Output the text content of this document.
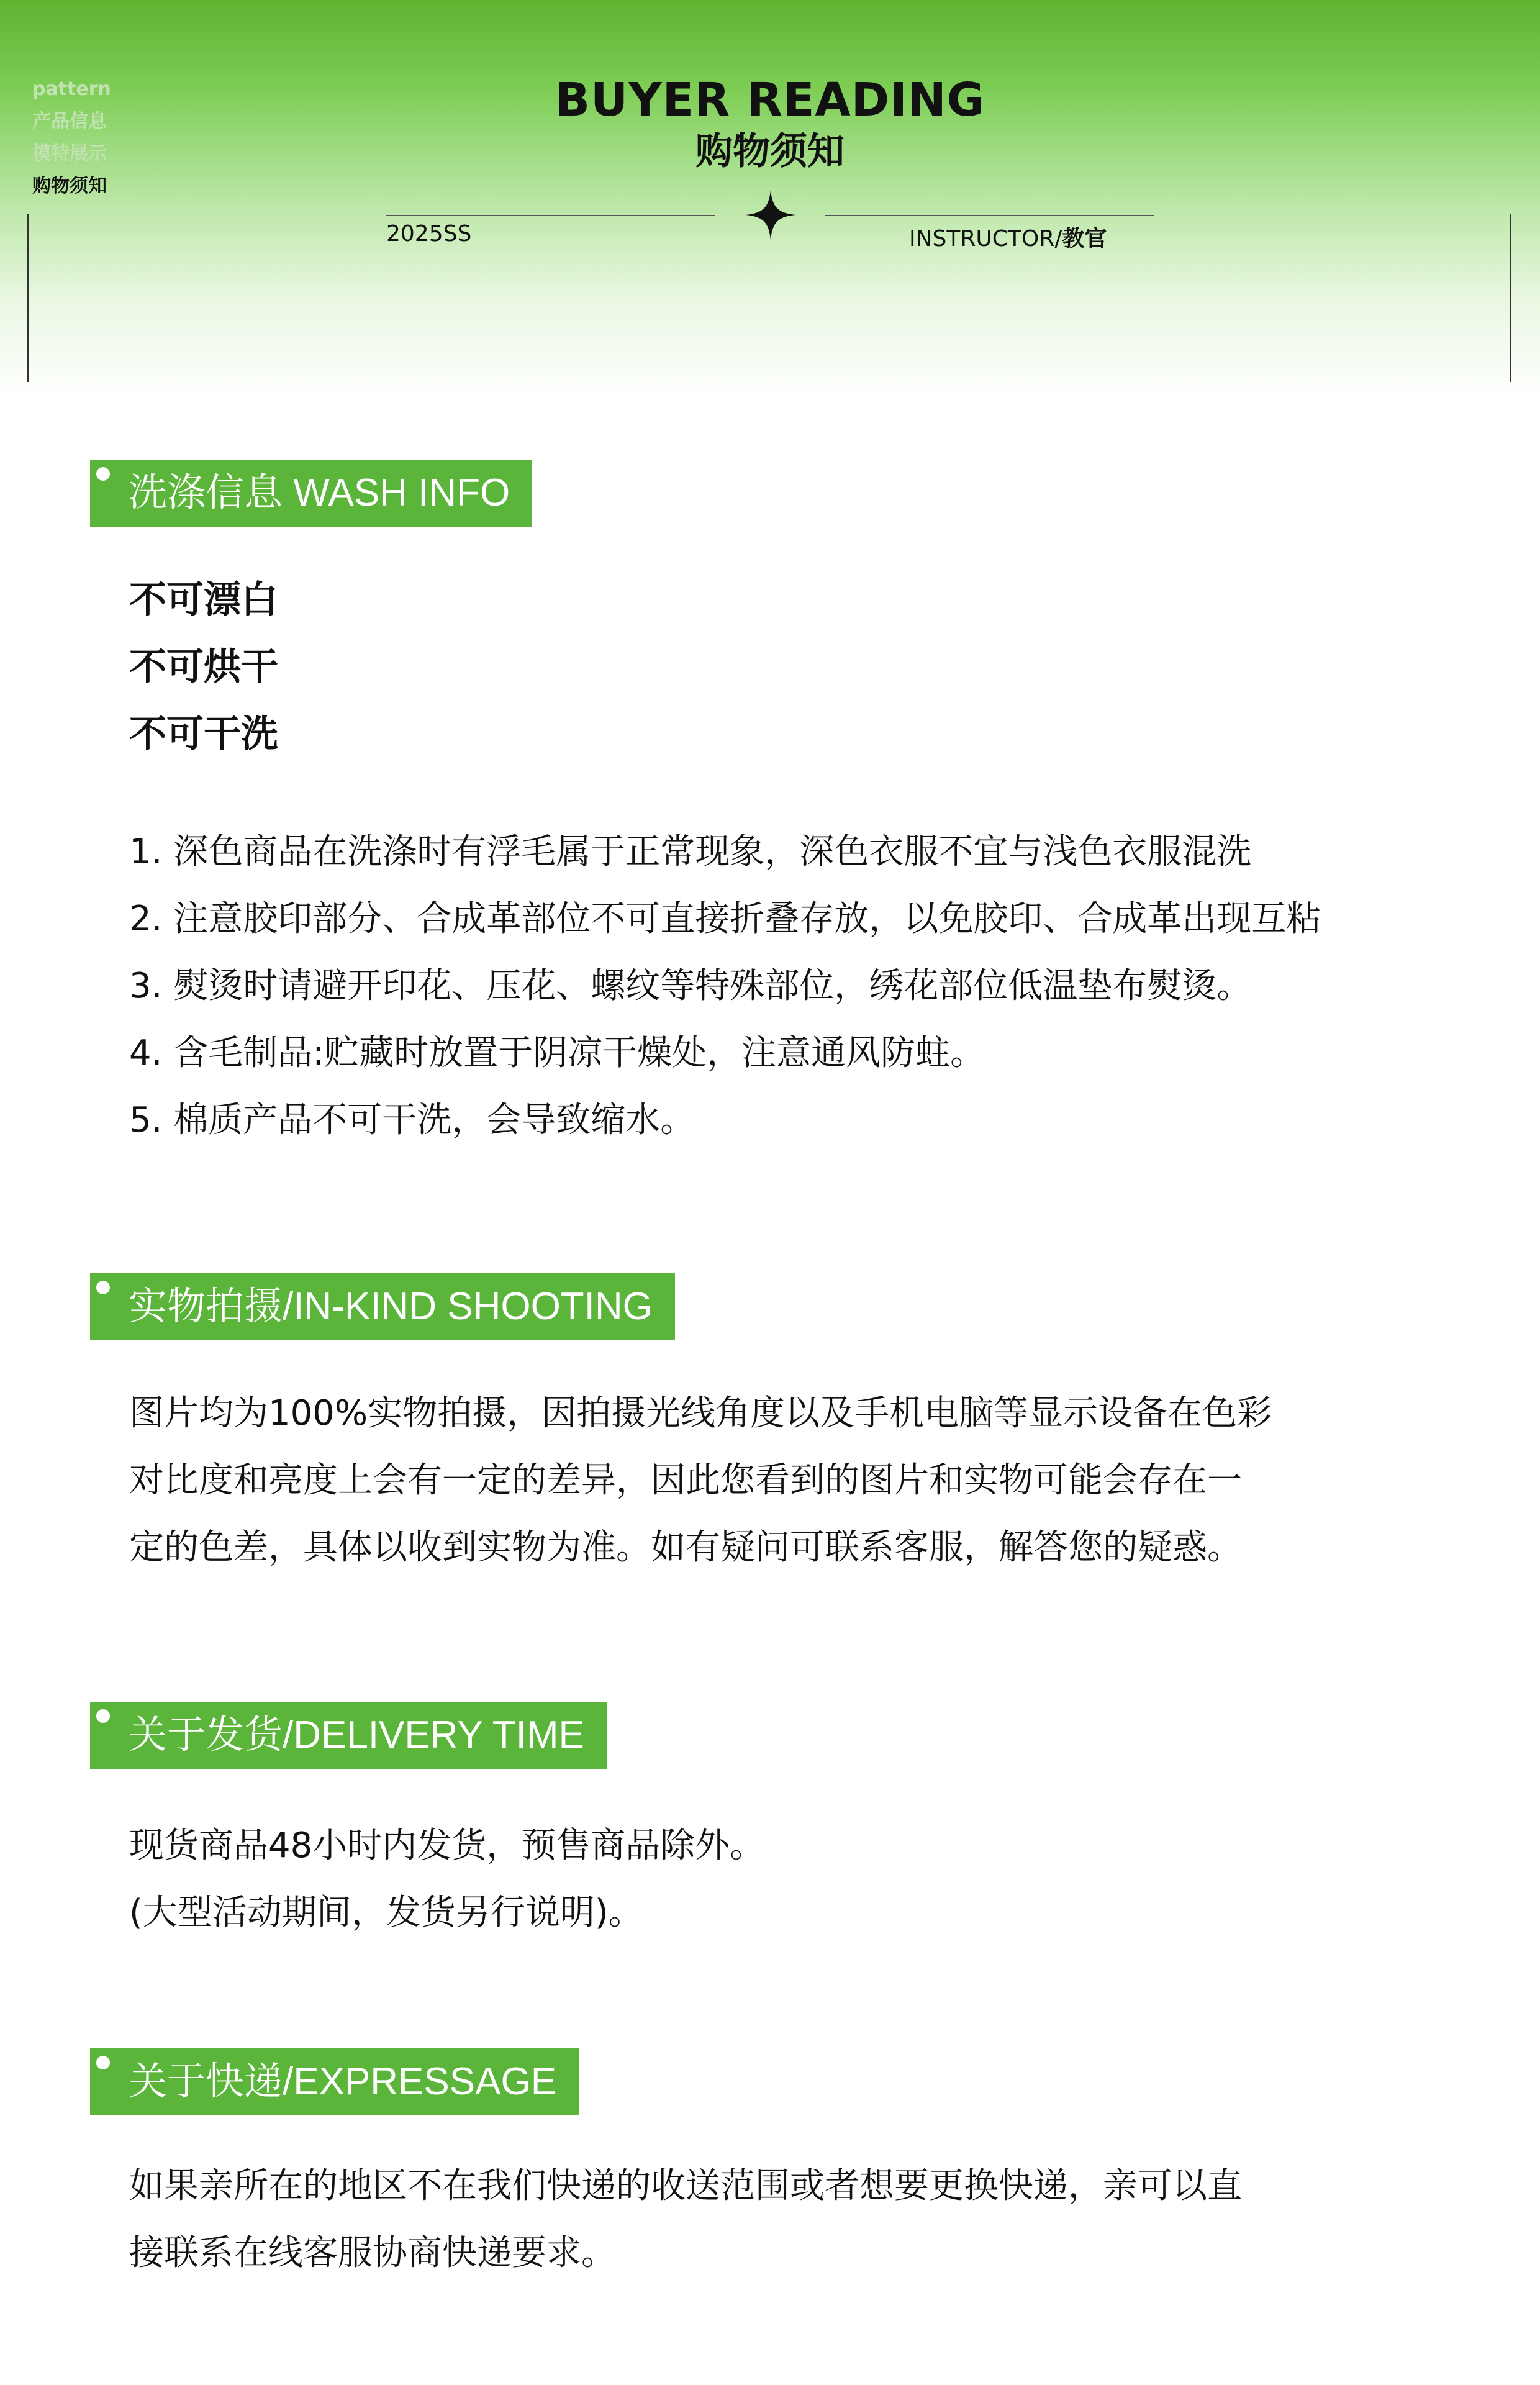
pattern
产品信息
模特展示
购物须知
BUYER READING
购物须知
2025SS	INSTRUCTOR/教官
洗涤信息 WASH INFO
不可漂白
不可烘干
不可干洗
1. 深色商品在洗涤时有浮毛属于正常现象，深色衣服不宜与浅色衣服混洗
2. 注意胶印部分、合成革部位不可直接折叠存放，以免胶印、合成革出现互粘
3. 熨烫时请避开印花、压花、螺纹等特殊部位，绣花部位低温垫布熨烫。
4. 含毛制品:贮藏时放置于阴凉干燥处，注意通风防蛀。
5. 棉质产品不可干洗，会导致缩水。
实物拍摄/IN-KIND SHOOTING
图片均为100%实物拍摄，因拍摄光线角度以及手机电脑等显示设备在色彩
对比度和亮度上会有一定的差异，因此您看到的图片和实物可能会存在一
定的色差，具体以收到实物为准。如有疑问可联系客服，解答您的疑惑。
关于发货/DELIVERY TIME
现货商品48小时内发货，预售商品除外。
(大型活动期间，发货另行说明)。
关于快递/EXPRESSAGE
如果亲所在的地区不在我们快递的收送范围或者想要更换快递，亲可以直
接联系在线客服协商快递要求。
